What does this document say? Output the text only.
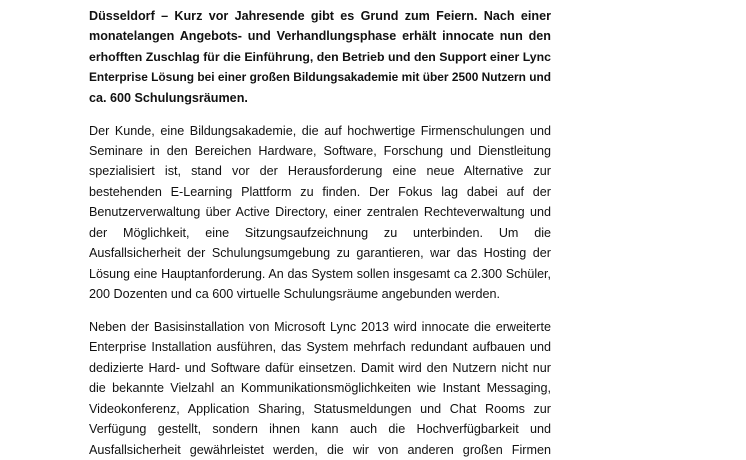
Düsseldorf – Kurz vor Jahresende gibt es Grund zum Feiern. Nach einer
monatelangen Angebots- und Verhandlungsphase erhält innocate nun den
erhofften Zuschlag für die Einführung, den Betrieb und den Support einer Lync
Enterprise Lösung bei einer großen Bildungsakademie mit über 2500 Nutzern und
ca. 600 Schulungsräumen.
Der Kunde, eine Bildungsakademie, die auf hochwertige Firmenschulungen und
Seminare in den Bereichen Hardware, Software, Forschung und Dienstleitung
spezialisiert ist, stand vor der Herausforderung eine neue Alternative zur
bestehenden E-Learning Plattform zu finden. Der Fokus lag dabei auf der
Benutzerverwaltung über Active Directory, einer zentralen Rechteverwaltung und
der Möglichkeit, eine Sitzungsaufzeichnung zu unterbinden. Um die
Ausfallsicherheit der Schulungsumgebung zu garantieren, war das Hosting der
Lösung eine Hauptanforderung. An das System sollen insgesamt ca 2.300 Schüler,
200 Dozenten und ca 600 virtuelle Schulungsräume angebunden werden.
Neben der Basisinstallation von Microsoft Lync 2013 wird innocate die erweiterte
Enterprise Installation ausführen, das System mehrfach redundant aufbauen und
dedizierte Hard- und Software dafür einsetzen. Damit wird den Nutzern nicht nur
die bekannte Vielzahl an Kommunikationsmöglichkeiten wie Instant Messaging,
Videokonferenz, Application Sharing, Statusmeldungen und Chat Rooms zur
Verfügung gestellt, sondern ihnen kann auch die Hochverfügbarkeit und
Ausfallsicherheit gewährleistet werden, die wir von anderen großen Firmen
